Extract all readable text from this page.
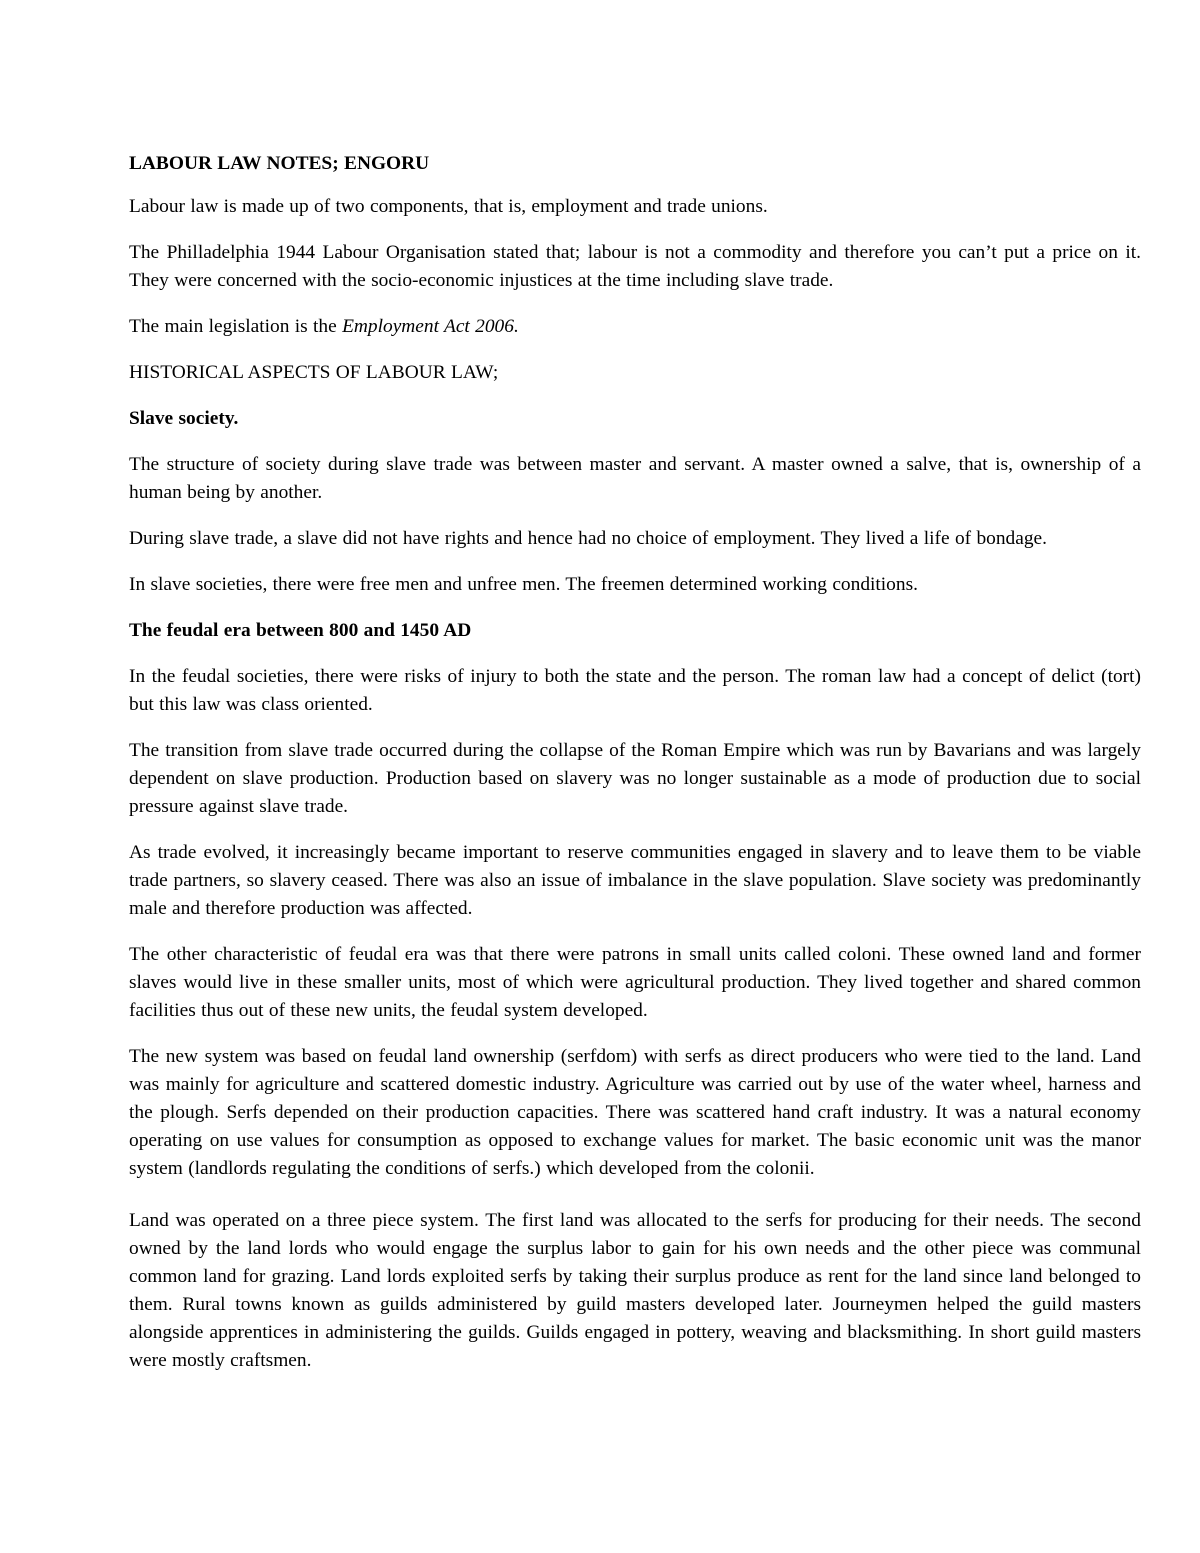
LABOUR LAW NOTES; ENGORU

Labour law is made up of two components, that is, employment and trade unions.

The Philladelphia 1944 Labour Organisation stated that; labour is not a commodity and therefore you can’t put a price on it. They were concerned with the socio-economic injustices at the time including slave trade.

The main legislation is the Employment Act 2006.

HISTORICAL ASPECTS OF LABOUR LAW;

Slave society.

The structure of society during slave trade was between master and servant. A master owned a salve, that is, ownership of a human being by another.

During slave trade, a slave did not have rights and hence had no choice of employment. They lived a life of bondage.

In slave societies, there were free men and unfree men. The freemen determined working conditions.

The feudal era between 800 and 1450 AD

In the feudal societies, there were risks of injury to both the state and the person. The roman law had a concept of delict (tort) but this law was class oriented.

The transition from slave trade occurred during the collapse of the Roman Empire which was run by Bavarians and was largely dependent on slave production. Production based on slavery was no longer sustainable as a mode of production due to social pressure against slave trade.

As trade evolved, it increasingly became important to reserve communities engaged in slavery and to leave them to be viable trade partners, so slavery ceased. There was also an issue of imbalance in the slave population. Slave society was predominantly male and therefore production was affected.

The other characteristic of feudal era was that there were patrons in small units called coloni. These owned land and former slaves would live in these smaller units, most of which were agricultural production. They lived together and shared common facilities thus out of these new units, the feudal system developed.

The new system was based on feudal land ownership (serfdom) with serfs as direct producers who were tied to the land. Land was mainly for agriculture and scattered domestic industry. Agriculture was carried out by use of the water wheel, harness and the plough. Serfs depended on their production capacities. There was scattered hand craft industry. It was a natural economy operating on use values for consumption as opposed to exchange values for market. The basic economic unit was the manor system (landlords regulating the conditions of serfs.) which developed from the colonii.

Land was operated on a three piece system. The first land was allocated to the serfs for producing for their needs. The second owned by the land lords who would engage the surplus labor to gain for his own needs and the other piece was communal common land for grazing. Land lords exploited serfs by taking their surplus produce as rent for the land since land belonged to them. Rural towns known as guilds administered by guild masters developed later. Journeymen helped the guild masters alongside apprentices in administering the guilds. Guilds engaged in pottery, weaving and blacksmithing. In short guild masters were mostly craftsmen.
